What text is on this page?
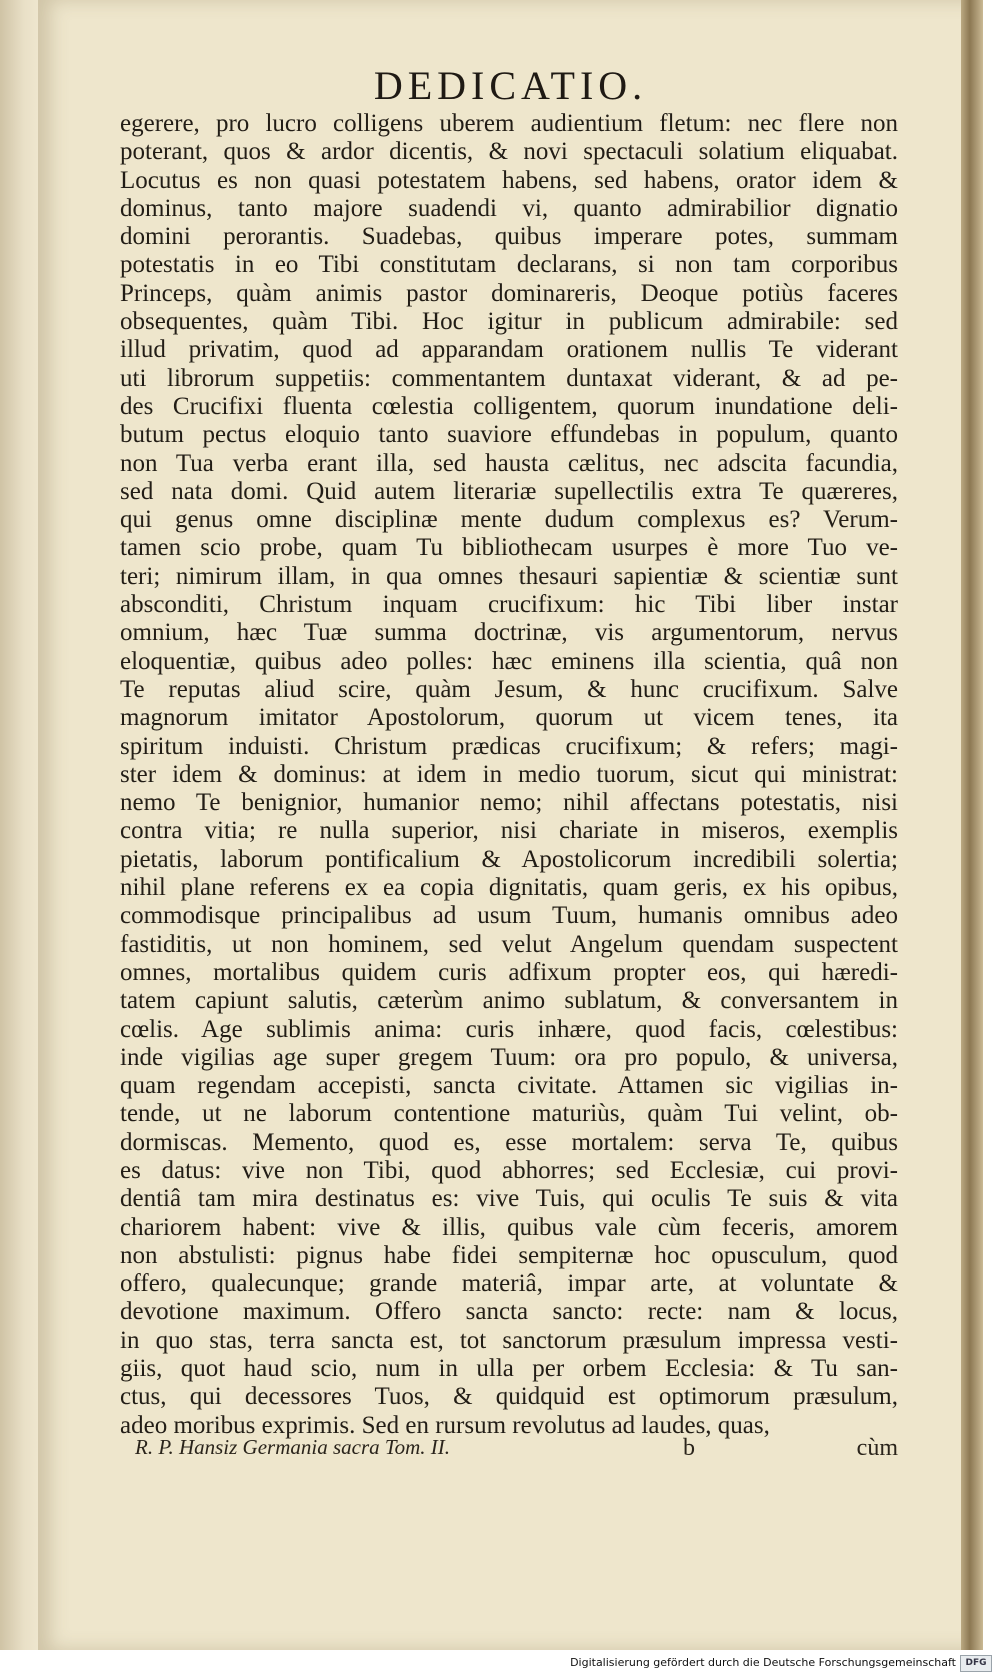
DEDICATIO.
egerere, pro lucro colligens uberem audientium fletum: nec flere non
poterant, quos & ardor dicentis, & novi spectaculi solatium eliquabat.
Locutus es non quasi potestatem habens, sed habens, orator idem &
dominus, tanto majore suadendi vi, quanto admirabilior dignatio
domini perorantis. Suadebas, quibus imperare potes, summam
potestatis in eo Tibi constitutam declarans, si non tam corporibus
Princeps, quàm animis pastor dominareris, Deoque potiùs faceres
obsequentes, quàm Tibi. Hoc igitur in publicum admirabile: sed
illud privatim, quod ad apparandam orationem nullis Te viderant
uti librorum suppetiis: commentantem duntaxat viderant, & ad pe-
des Crucifixi fluenta cœlestia colligentem, quorum inundatione deli-
butum pectus eloquio tanto suaviore effundebas in populum, quanto
non Tua verba erant illa, sed hausta cælitus, nec adscita facundia,
sed nata domi. Quid autem literariæ supellectilis extra Te quæreres,
qui genus omne disciplinæ mente dudum complexus es? Verum-
tamen scio probe, quam Tu bibliothecam usurpes è more Tuo ve-
teri; nimirum illam, in qua omnes thesauri sapientiæ & scientiæ sunt
absconditi, Christum inquam crucifixum: hic Tibi liber instar
omnium, hæc Tuæ summa doctrinæ, vis argumentorum, nervus
eloquentiæ, quibus adeo polles: hæc eminens illa scientia, quâ non
Te reputas aliud scire, quàm Jesum, & hunc crucifixum. Salve
magnorum imitator Apostolorum, quorum ut vicem tenes, ita
spiritum induisti. Christum prædicas crucifixum; & refers; magi-
ster idem & dominus: at idem in medio tuorum, sicut qui ministrat:
nemo Te benignior, humanior nemo; nihil affectans potestatis, nisi
contra vitia; re nulla superior, nisi chariate in miseros, exemplis
pietatis, laborum pontificalium & Apostolicorum incredibili solertia;
nihil plane referens ex ea copia dignitatis, quam geris, ex his opibus,
commodisque principalibus ad usum Tuum, humanis omnibus adeo
fastiditis, ut non hominem, sed velut Angelum quendam suspectent
omnes, mortalibus quidem curis adfixum propter eos, qui hæredi-
tatem capiunt salutis, cæterùm animo sublatum, & conversantem in
cœlis. Age sublimis anima: curis inhære, quod facis, cœlestibus:
inde vigilias age super gregem Tuum: ora pro populo, & universa,
quam regendam accepisti, sancta civitate. Attamen sic vigilias in-
tende, ut ne laborum contentione maturiùs, quàm Tui velint, ob-
dormiscas. Memento, quod es, esse mortalem: serva Te, quibus
es datus: vive non Tibi, quod abhorres; sed Ecclesiæ, cui provi-
dentiâ tam mira destinatus es: vive Tuis, qui oculis Te suis & vita
chariorem habent: vive & illis, quibus vale cùm feceris, amorem
non abstulisti: pignus habe fidei sempiternæ hoc opusculum, quod
offero, qualecunque; grande materiâ, impar arte, at voluntate &
devotione maximum. Offero sancta sancto: recte: nam & locus,
in quo stas, terra sancta est, tot sanctorum præsulum impressa vesti-
giis, quot haud scio, num in ulla per orbem Ecclesia: & Tu san-
ctus, qui decessores Tuos, & quidquid est optimorum præsulum,
adeo moribus exprimis. Sed en rursum revolutus ad laudes, quas,
R. P. Hansiz Germania sacra Tom. II.	b	cùm
Digitalisierung gefördert durch die Deutsche Forschungsgemeinschaft	DFG
